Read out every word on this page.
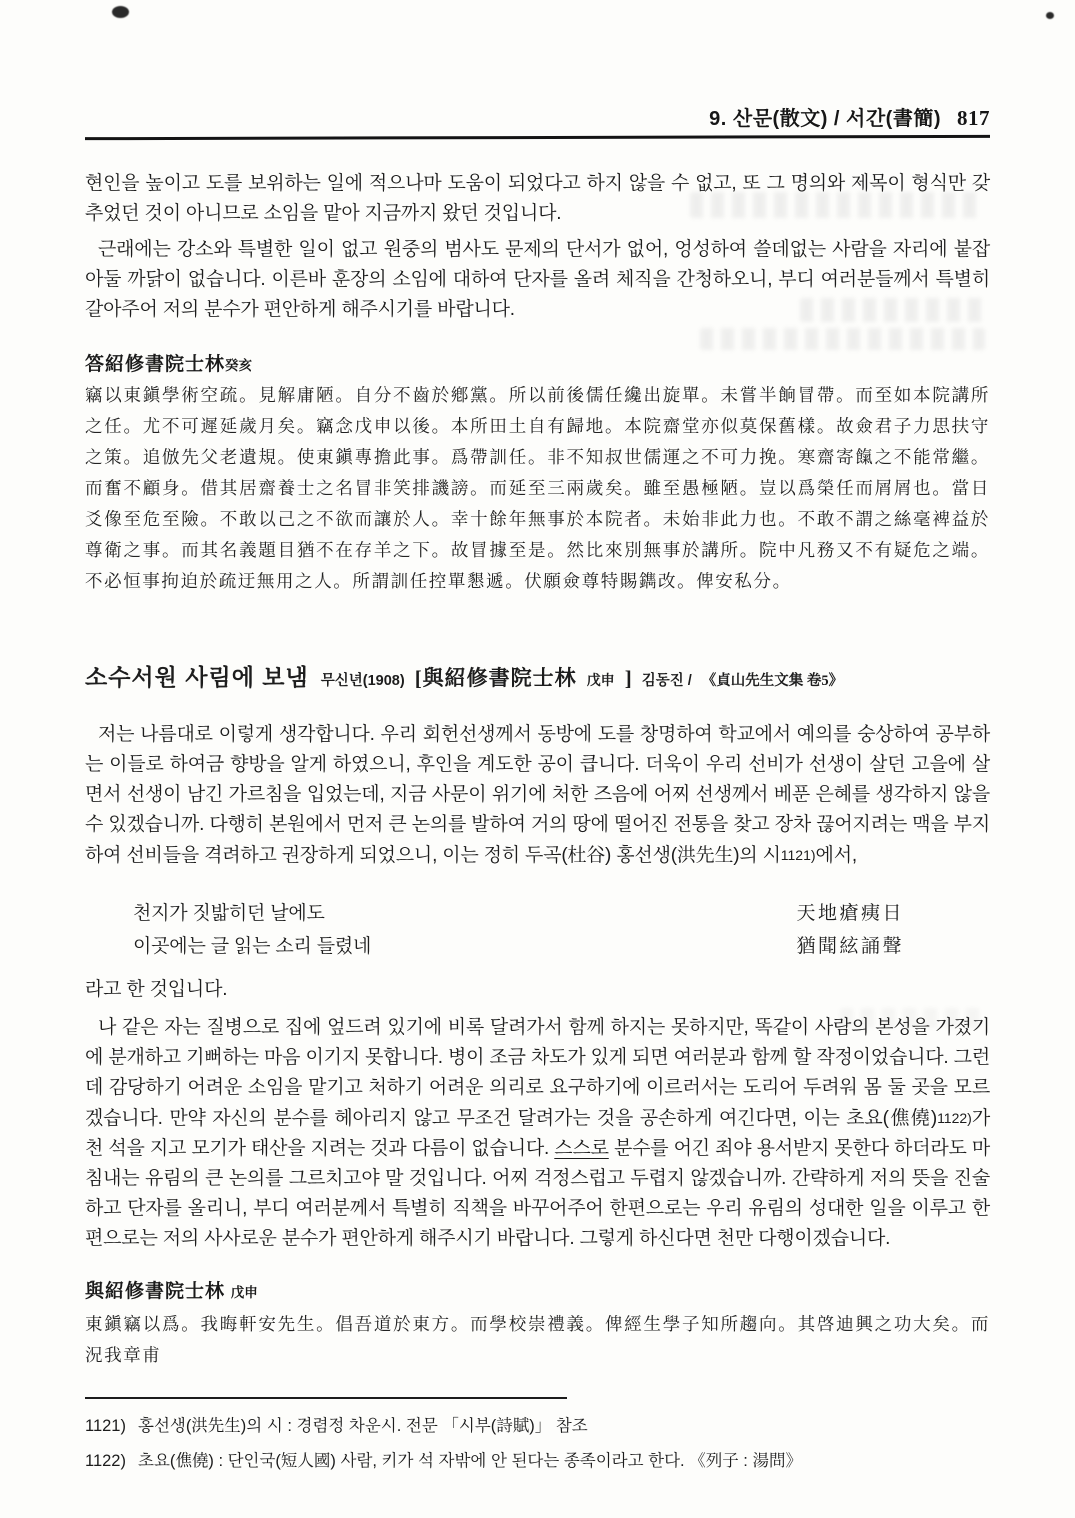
9. 산문(散文) / 서간(書簡) 817

현인을 높이고 도를 보위하는 일에 적으나마 도움이 되었다고 하지 않을 수 없고, 또 그 명의와 제목이 형식만 갖추었던 것이 아니므로 소임을 맡아 지금까지 왔던 것입니다.

근래에는 강소와 특별한 일이 없고 원중의 범사도 문제의 단서가 없어, 엉성하여 쓸데없는 사람을 자리에 붙잡아둘 까닭이 없습니다. 이른바 훈장의 소임에 대하여 단자를 올려 체직을 간청하오니, 부디 여러분들께서 특별히 갈아주어 저의 분수가 편안하게 해주시기를 바랍니다.

答紹修書院士林癸亥

竊以東鎭學術空疏。見解庸陋。自分不齒於鄕黨。所以前後儒任纔出旋單。未嘗半餉冒帶。而至如本院講所之任。尤不可遲延歲月矣。竊念戊申以後。本所田土自有歸地。本院齋堂亦似莫保舊樣。故僉君子力思扶守之策。追倣先父老遺規。使東鎭專擔此事。爲帶訓任。非不知叔世儒運之不可力挽。寒齋寄餼之不能常繼。而奮不顧身。借其居齋養士之名冒非笑排譏謗。而延至三兩歲矣。雖至愚極陋。豈以爲榮任而屑屑也。當日爻像至危至險。不敢以己之不欲而讓於人。幸十餘年無事於本院者。未始非此力也。不敢不謂之絲毫裨益於尊衛之事。而其名義題目猶不在存羊之下。故冒據至是。然比來別無事於講所。院中凡務又不有疑危之端。不必恒事拘迫於疏迂無用之人。所謂訓任控單懇遞。伏願僉尊特賜鐫改。俾安私分。

소수서원 사림에 보냄 무신년(1908) [與紹修書院士林 戊申 ] 김동진 / 《貞山先生文集 卷5》

저는 나름대로 이렇게 생각합니다. 우리 회헌선생께서 동방에 도를 창명하여 학교에서 예의를 숭상하여 공부하는 이들로 하여금 향방을 알게 하였으니, 후인을 계도한 공이 큽니다. 더욱이 우리 선비가 선생이 살던 고을에 살면서 선생이 남긴 가르침을 입었는데, 지금 사문이 위기에 처한 즈음에 어찌 선생께서 베푼 은혜를 생각하지 않을 수 있겠습니까. 다행히 본원에서 먼저 큰 논의를 발하여 거의 땅에 떨어진 전통을 찾고 장차 끊어지려는 맥을 부지하여 선비들을 격려하고 권장하게 되었으니, 이는 정히 두곡(杜谷) 홍선생(洪先生)의 시1121)에서,

천지가 짓밟히던 날에도	天地瘡痍日
이곳에는 글 읽는 소리 들렸네	猶聞絃誦聲

라고 한 것입니다.

나 같은 자는 질병으로 집에 엎드려 있기에 비록 달려가서 함께 하지는 못하지만, 똑같이 사람의 본성을 가졌기에 분개하고 기뻐하는 마음 이기지 못합니다. 병이 조금 차도가 있게 되면 여러분과 함께 할 작정이었습니다. 그런데 감당하기 어려운 소임을 맡기고 처하기 어려운 의리로 요구하기에 이르러서는 도리어 두려워 몸 둘 곳을 모르겠습니다. 만약 자신의 분수를 헤아리지 않고 무조건 달려가는 것을 공손하게 여긴다면, 이는 초요(僬僥)1122)가 천 석을 지고 모기가 태산을 지려는 것과 다름이 없습니다. 스스로 분수를 어긴 죄야 용서받지 못한다 하더라도 마침내는 유림의 큰 논의를 그르치고야 말 것입니다. 어찌 걱정스럽고 두렵지 않겠습니까. 간략하게 저의 뜻을 진술하고 단자를 올리니, 부디 여러분께서 특별히 직책을 바꾸어주어 한편으로는 우리 유림의 성대한 일을 이루고 한편으로는 저의 사사로운 분수가 편안하게 해주시기 바랍니다. 그렇게 하신다면 천만 다행이겠습니다.

與紹修書院士林 戊申

東鎭竊以爲。我晦軒安先生。倡吾道於東方。而學校崇禮義。俾經生學子知所趨向。其啓迪興之功大矣。而況我章甫

1121) 홍선생(洪先生)의 시 : 경렴정 차운시. 전문 「시부(詩賦)」 참조
1122) 초요(僬僥) : 단인국(短人國) 사람, 키가 석 자밖에 안 된다는 종족이라고 한다. 《列子 : 湯問》
